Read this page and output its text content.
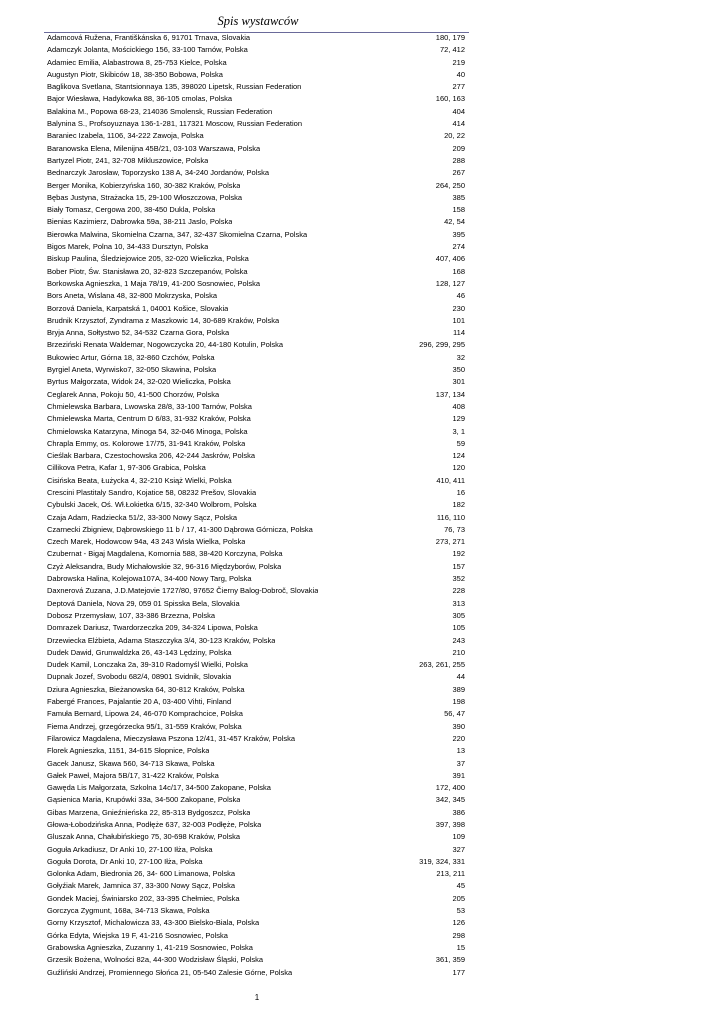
Spis wystawców
Adamcová Ružena, Františkánska 6, 91701 Trnava, Slovakia	180, 179
Adamczyk Jolanta, Mościckiego 156, 33-100 Tarnów, Polska	72, 412
Adamiec Emilia, Alabastrowa 8, 25-753 Kielce, Polska	219
Augustyn Piotr, Skibiców 18, 38-350 Bobowa, Polska	40
Baglikova Svetlana, Stantsionnaya 135, 398020 Lipetsk, Russian Federation	277
Bajor Wiesława, Hadykowka 88, 36-105 cmolas, Polska	160, 163
Balakina M., Popowa 68-23, 214036 Smolensk, Russian Federation	404
Balynina S., Profsoyuznaya 136-1-281, 117321 Moscow, Russian Federation	414
Baraniec Izabela, 1106, 34-222 Zawoja, Polska	20, 22
Baranowska Elena, Milenijna 45B/21, 03-103 Warszawa, Polska	209
Bartyzel Piotr, 241, 32-708 Mikluszowice, Polska	288
Bednarczyk Jarosław, Toporzysko 138 A, 34-240 Jordanów, Polska	267
Berger Monika, Kobierzyńska 160, 30-382 Kraków, Polska	264, 250
Bębas Justyna, Strażacka 15, 29-100 Włoszczowa, Polska	385
Biały Tomasz, Cergowa 200, 38-450 Dukla, Polska	158
Bienias Kazimierz, Dabrowka 59a, 38-211 Jaslo, Polska	42, 54
Bierowka Malwina, Skomielna Czarna, 347, 32-437 Skomielna Czarna, Polska	395
Bigos Marek, Polna 10, 34-433 Dursztyn, Polska	274
Biskup Paulina, Śledziejowice 205, 32-020 Wieliczka, Polska	407, 406
Bober Piotr, Św. Stanisława 20, 32-823 Szczepanów, Polska	168
Borkowska Agnieszka, 1 Maja 78/19, 41-200 Sosnowiec, Polska	128, 127
Bors Aneta, Wislana 48, 32-800 Mokrzyska, Polska	46
Borzová Daniela, Karpatská 1, 04001 Košice, Slovakia	230
Brudnik Krzysztof, Zyndrama z Maszkowic 14, 30-689 Kraków, Polska	101
Bryja Anna, Sołtystwo 52, 34-532 Czarna Gora, Polska	114
Brzeziński Renata Waldemar, Nogowczycka 20, 44-180 Kotulin, Polska	296, 299, 295
Bukowiec Artur, Górna 18, 32-860 Czchów, Polska	32
Byrgiel Aneta, Wyrwisko7, 32-050 Skawina, Polska	350
Byrtus Małgorzata, Widok 24, 32-020 Wieliczka, Polska	301
Ceglarek Anna, Pokoju 50, 41-500 Chorzów, Polska	137, 134
Chmielewska Barbara, Lwowska 28/8, 33-100 Tarnów, Polska	408
Chmielewska Marta, Centrum D 6/83, 31-932 Kraków, Polska	129
Chmielowska Katarzyna, Minoga 54, 32-046 Minoga, Polska	3, 1
Chrapla Emmy, os. Kolorowe 17/75, 31-941 Kraków, Polska	59
Cieślak Barbara, Czestochowska 206, 42-244 Jaskrów, Polska	124
Cillikova Petra, Kafar 1, 97-306 Grabica, Polska	120
Cisińska Beata, Łużycka 4, 32-210 Książ Wielki, Polska	410, 411
Crescini Plastitaly Sandro, Kojatice 58, 08232 Prešov, Slovakia	16
Cybulski Jacek, Oś. Wł.Łokietka 6/15, 32-340 Wolbrom, Polska	182
Czaja Adam, Radziecka 51/2, 33-300 Nowy Sącz, Polska	116, 110
Czarnecki Zbigniew, Dąbrowskiego 11 b / 17, 41-300 Dąbrowa Górnicza, Polska	76, 73
Czech Marek, Hodowcow 94a, 43 243 Wisła Wielka, Polska	273, 271
Czubernat - Bigaj Magdalena, Komornia 588, 38-420 Korczyna, Polska	192
Czyż Aleksandra, Budy Michałowskie 32, 96-316 Międzyborów, Polska	157
Dabrowska Halina, Kolejowa107A, 34-400 Nowy Targ, Polska	352
Daxnerová Zuzana, J.D.Matejovie 1727/80, 97652 Čierny Balog-Dobroč, Slovakia	228
Deptová Daniela, Nova 29, 059 01 Spisska Bela, Slovakia	313
Dobosz Przemysław, 107, 33-386 Brzezna, Polska	305
Domrazek Dariusz, Twardorzeczka 209, 34-324 Lipowa, Polska	105
Drzewiecka Elżbieta, Adama Staszczyka 3/4, 30-123 Kraków, Polska	243
Dudek Dawid, Grunwaldzka 26, 43-143 Lędziny, Polska	210
Dudek Kamil, Lonczaka 2a, 39-310 Radomyśl Wielki, Polska	263, 261, 255
Dupnak Jozef, Svobodu 682/4, 08901 Svidnik, Slovakia	44
Dziura Agnieszka, Bieżanowska 64, 30-812 Kraków, Polska	389
Fabergé Frances, Pajalantie 20 A, 03-400 Vihti, Finland	198
Famuła Bernard, Lipowa 24, 46-070 Komprachcice, Polska	56, 47
Fiema Andrzej, grzegórzecka 95/1, 31-559 Kraków, Polska	390
Filarowicz Magdalena, Mieczysława Pszona 12/41, 31-457 Kraków, Polska	220
Florek Agnieszka, 1151, 34-615 Słopnice, Polska	13
Gacek Janusz, Skawa 560, 34-713 Skawa, Polska	37
Gałek Paweł, Majora 5B/17, 31-422 Kraków, Polska	391
Gawęda Lis Małgorzata, Szkolna 14c/17, 34-500 Zakopane, Polska	172, 400
Gąsienica Maria, Krupówki 33a, 34-500 Zakopane, Polska	342, 345
Gibas Marzena, Gnieźnieńska 22, 85-313 Bydgoszcz, Polska	386
Głowa-Łobodzińska Anna, Podłęże 637, 32-003 Podłęże, Polska	397, 398
Gluszak Anna, Chałubińskiego 75, 30-698 Kraków, Polska	109
Goguła Arkadiusz, Dr Anki 10, 27-100 Iłża, Polska	327
Goguła Dorota, Dr Anki 10, 27-100 Iłża, Polska	319, 324, 331
Golonka Adam, Biedronia 26, 34- 600 Limanowa, Polska	213, 211
Gołyźiak Marek, Jamnica 37, 33-300 Nowy Sącz, Polska	45
Gondek Maciej, Świniarsko 202, 33-395 Chełmiec, Polska	205
Gorczyca Zygmunt, 168a, 34-713 Skawa, Polska	53
Gorny Krzysztof, Michalowicza 33, 43-300 Bielsko-Biala, Polska	126
Górka Edyta, Wiejska 19 F, 41-216 Sosnowiec, Polska	298
Grabowska Agnieszka, Zuzanny 1, 41-219 Sosnowiec, Polska	15
Grzesik Bożena, Wolności 82a, 44-300 Wodzisław Śląski, Polska	361, 359
Guźliński Andrzej, Promiennego Słońca 21, 05-540 Zalesie Górne, Polska	177
1
